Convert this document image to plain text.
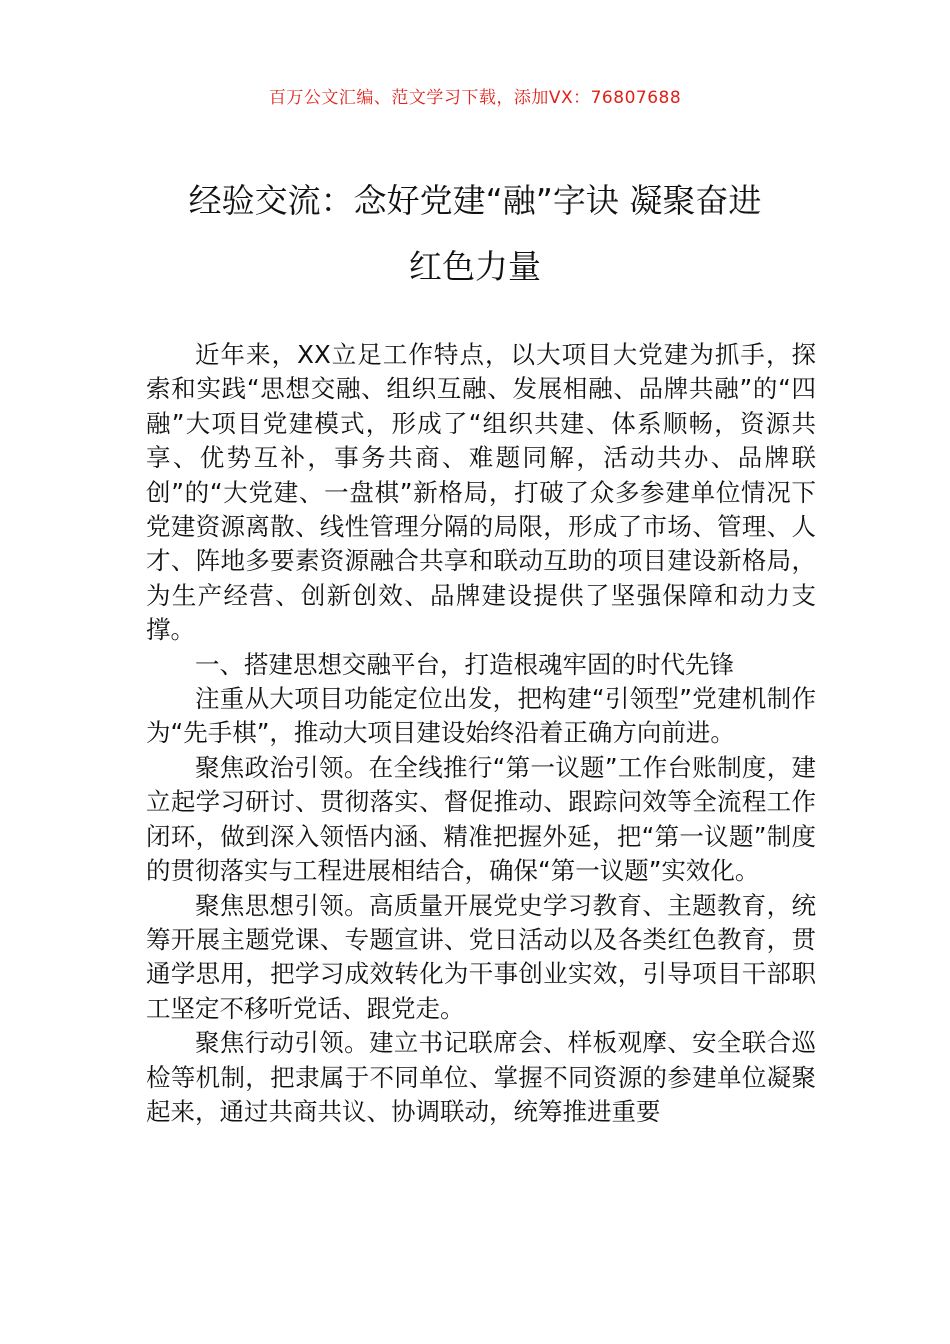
百万公文汇编、范文学习下载，添加VX：76807688
经验交流：念好党建“融”字诀 凝聚奋进
红色力量

近年来，XX立足工作特点，以大项目大党建为抓手，探索和实践“思想交融、组织互融、发展相融、品牌共融”的“四融”大项目党建模式，形成了“组织共建、体系顺畅，资源共享、优势互补，事务共商、难题同解，活动共办、品牌联创”的“大党建、一盘棋”新格局，打破了众多参建单位情况下党建资源离散、线性管理分隔的局限，形成了市场、管理、人才、阵地多要素资源融合共享和联动互助的项目建设新格局，为生产经营、创新创效、品牌建设提供了坚强保障和动力支撑。

一、搭建思想交融平台，打造根魂牢固的时代先锋

注重从大项目功能定位出发，把构建“引领型”党建机制作为“先手棋”，推动大项目建设始终沿着正确方向前进。

聚焦政治引领。在全线推行“第一议题”工作台账制度，建立起学习研讨、贯彻落实、督促推动、跟踪问效等全流程工作闭环，做到深入领悟内涵、精准把握外延，把“第一议题”制度的贯彻落实与工程进展相结合，确保“第一议题”实效化。

聚焦思想引领。高质量开展党史学习教育、主题教育，统筹开展主题党课、专题宣讲、党日活动以及各类红色教育，贯通学思用，把学习成效转化为干事创业实效，引导项目干部职工坚定不移听党话、跟党走。

聚焦行动引领。建立书记联席会、样板观摩、安全联合巡检等机制，把隶属于不同单位、掌握不同资源的参建单位凝聚起来，通过共商共议、协调联动，统筹推进重要
